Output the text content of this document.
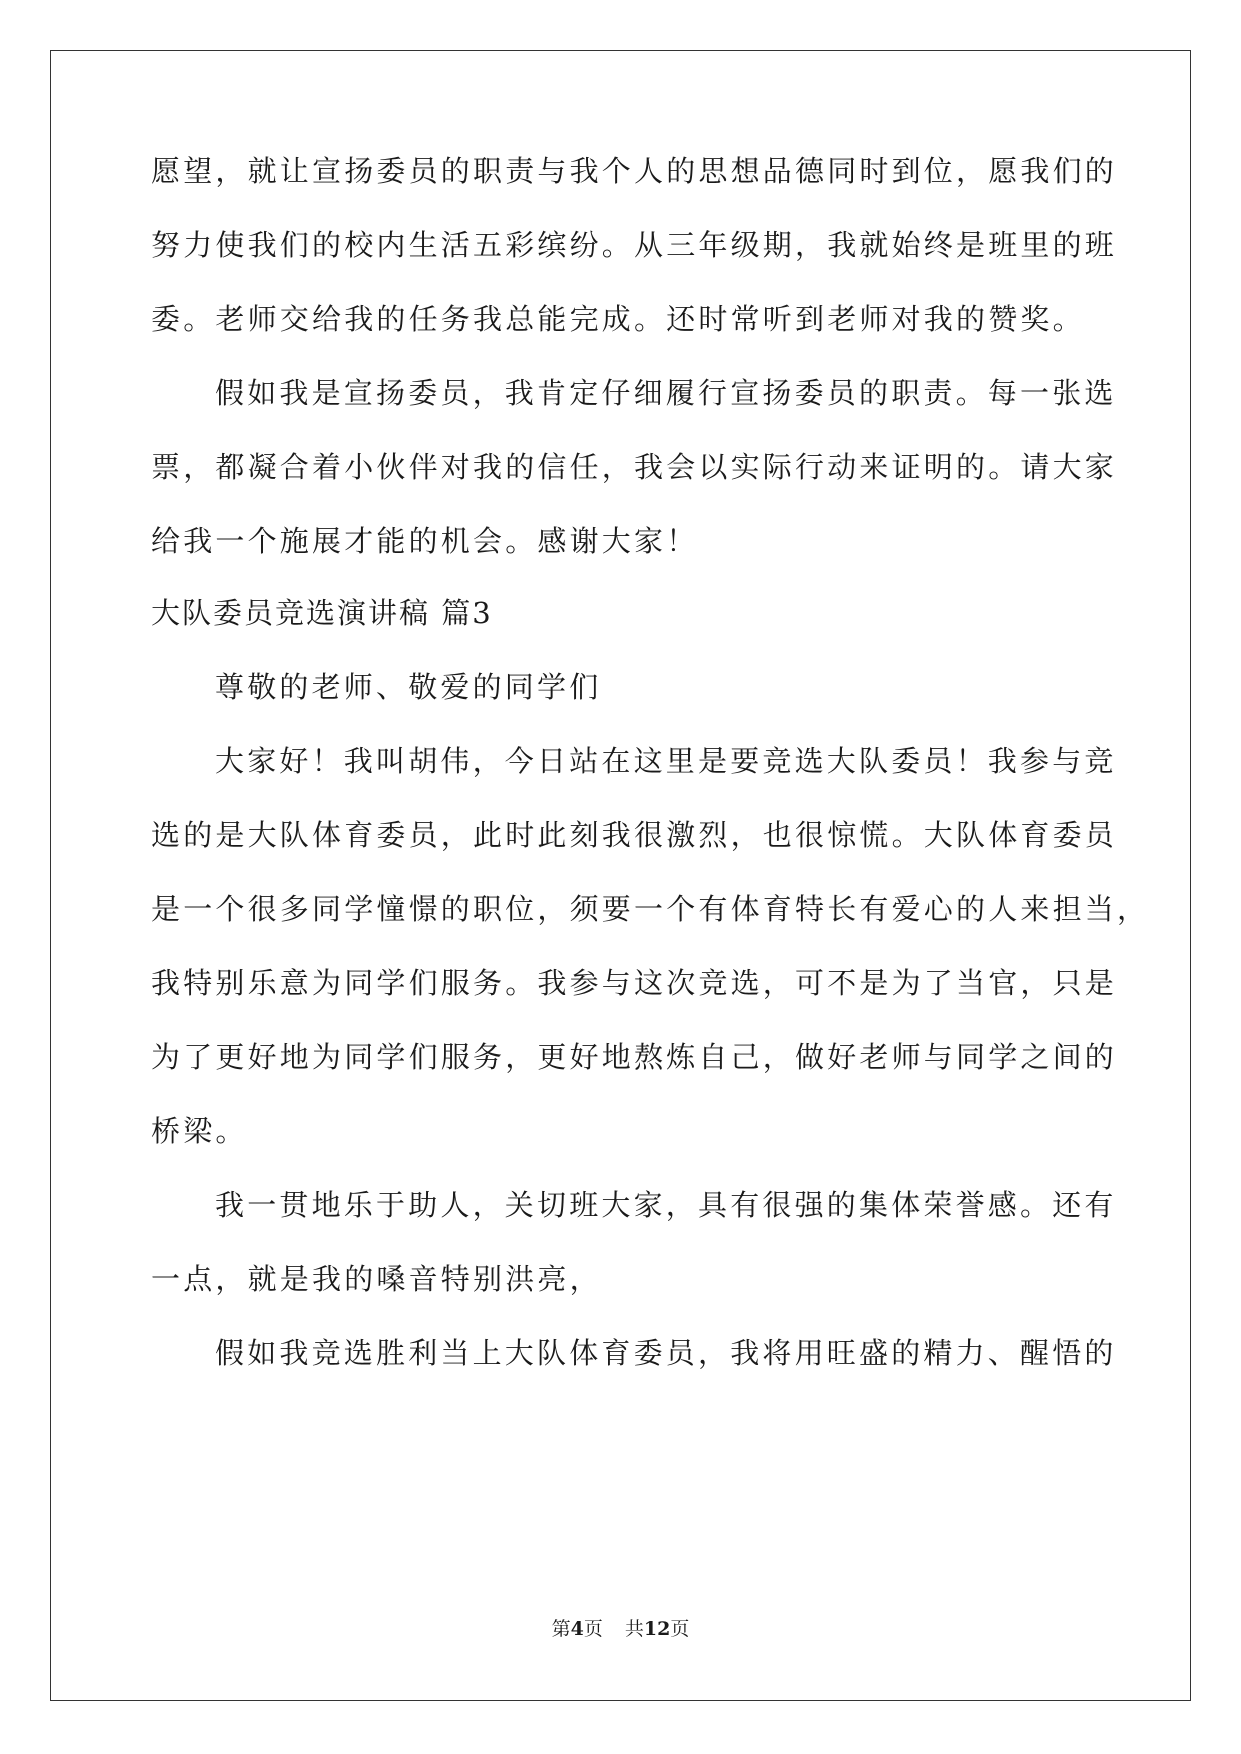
愿望，就让宣扬委员的职责与我个人的思想品德同时到位，愿我们的
努力使我们的校内生活五彩缤纷。从三年级期，我就始终是班里的班
委。老师交给我的任务我总能完成。还时常听到老师对我的赞奖。
假如我是宣扬委员，我肯定仔细履行宣扬委员的职责。每一张选
票，都凝合着小伙伴对我的信任，我会以实际行动来证明的。请大家
给我一个施展才能的机会。感谢大家！
大队委员竞选演讲稿 篇3
尊敬的老师、敬爱的同学们
大家好！我叫胡伟，今日站在这里是要竞选大队委员！我参与竞
选的是大队体育委员，此时此刻我很激烈，也很惊慌。大队体育委员
是一个很多同学憧憬的职位，须要一个有体育特长有爱心的人来担当，
我特别乐意为同学们服务。我参与这次竞选，可不是为了当官，只是
为了更好地为同学们服务，更好地熬炼自己，做好老师与同学之间的
桥梁。
我一贯地乐于助人，关切班大家，具有很强的集体荣誉感。还有
一点，就是我的嗓音特别洪亮，
假如我竞选胜利当上大队体育委员，我将用旺盛的精力、醒悟的
第4页 共12页
